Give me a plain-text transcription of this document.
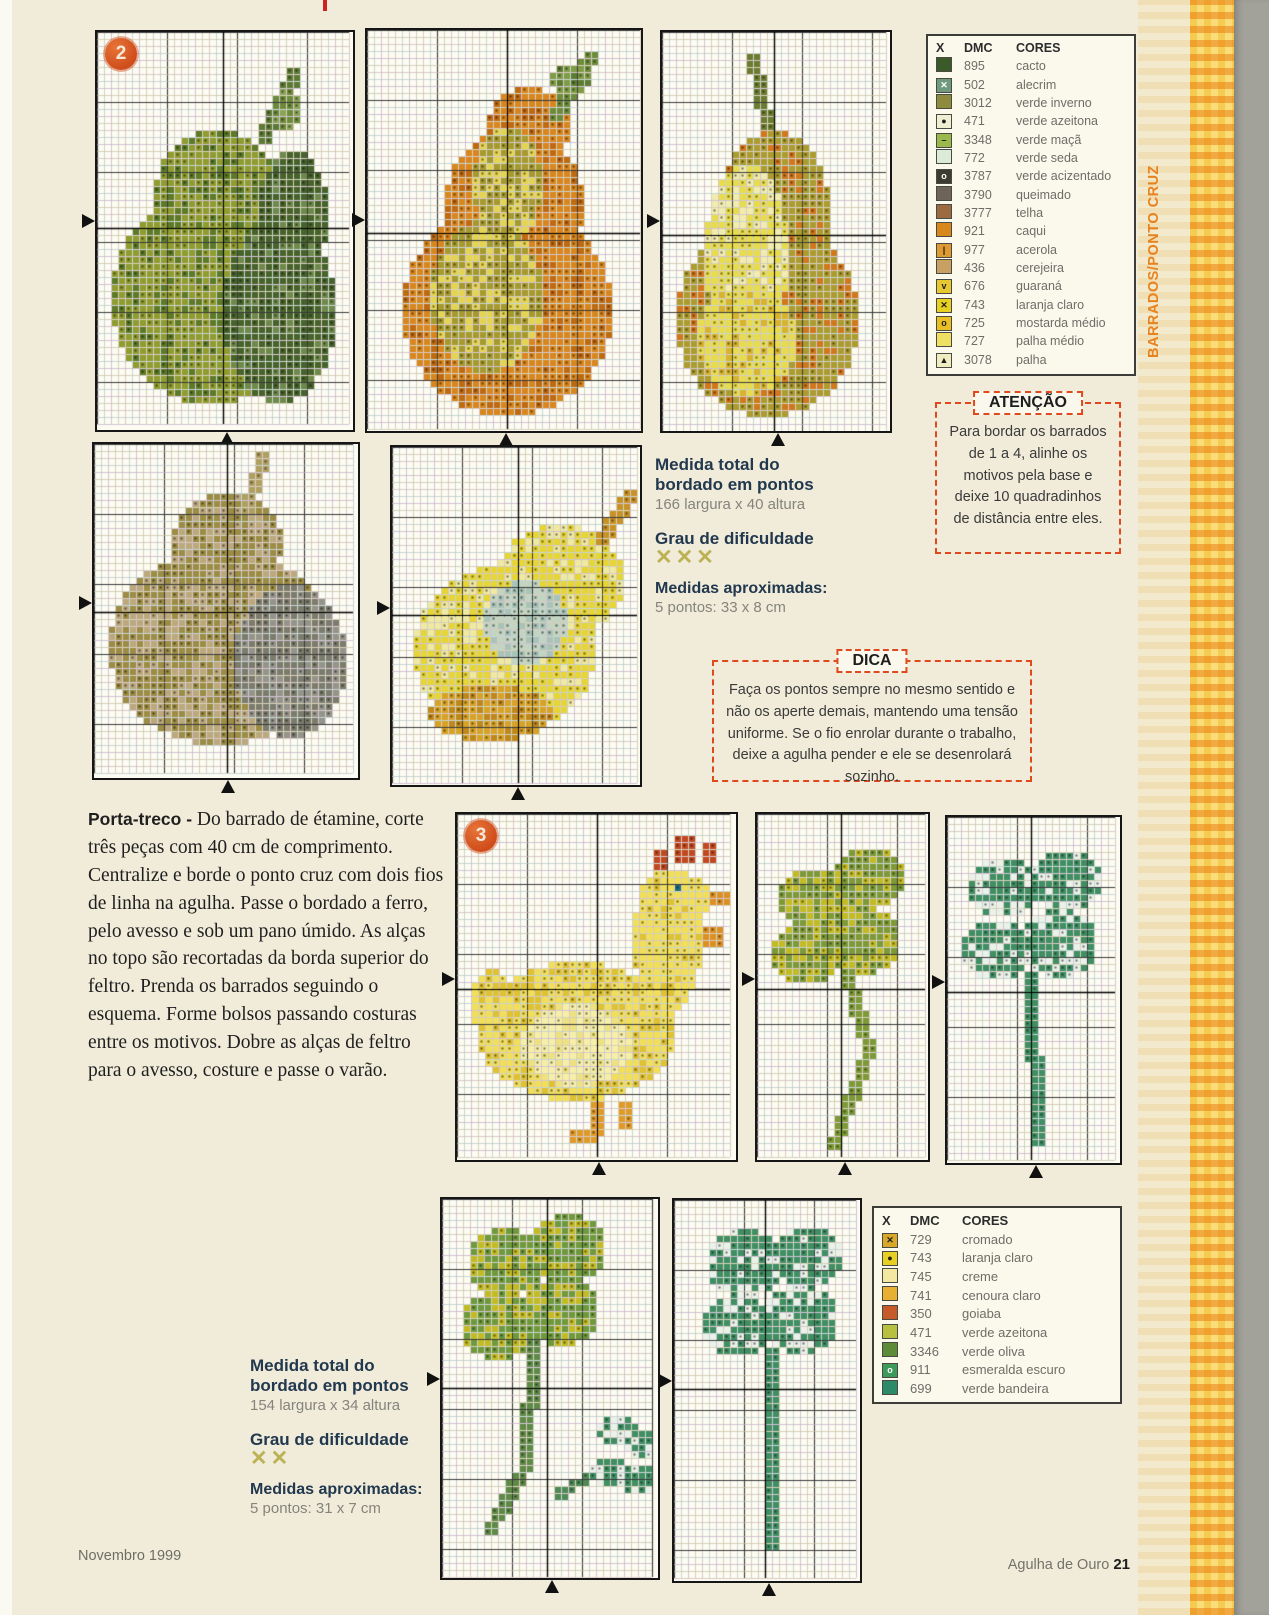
BARRADOS/PONTO CRUZ
2
3
X	DMC	CORES
895	cacto
✕	502	alecrim
3012	verde inverno
●	471	verde azeitona
–	3348	verde maçã
772	verde seda
o	3787	verde acizentado
3790	queimado
3777	telha
921	caqui
|	977	acerola
436	cerejeira
v	676	guaraná
✕	743	laranja claro
o	725	mostarda médio
727	palha médio
▲	3078	palha
ATENÇÃO
Para bordar os barrados de 1 a 4, alinhe os motivos pela base e deixe 10 quadradinhos de distância entre eles.
Medida total do bordado em pontos
166 largura x 40 altura
Grau de dificuldade
✕✕✕
Medidas aproximadas:
5 pontos: 33 x 8 cm
DICA
Faça os pontos sempre no mesmo sentido e não os aperte demais, mantendo uma tensão uniforme. Se o fio enrolar durante o trabalho, deixe a agulha pender e ele se desenrolará sozinho.
Porta-treco - Do barrado de étamine, corte três peças com 40 cm de comprimento. Centralize e borde o ponto cruz com dois fios de linha na agulha. Passe o bordado a ferro, pelo avesso e sob um pano úmido. As alças no topo são recortadas da borda superior do feltro. Prenda os barrados seguindo o esquema. Forme bolsos passando costuras entre os motivos. Dobre as alças de feltro para o avesso, costure e passe o varão.
X	DMC	CORES
✕	729	cromado
●	743	laranja claro
745	creme
741	cenoura claro
350	goiaba
471	verde azeitona
3346	verde oliva
o	911	esmeralda escuro
699	verde bandeira
Medida total do bordado em pontos
154 largura x 34 altura
Grau de dificuldade
✕✕
Medidas aproximadas:
5 pontos: 31 x 7 cm
Novembro 1999
Agulha de Ouro 21
